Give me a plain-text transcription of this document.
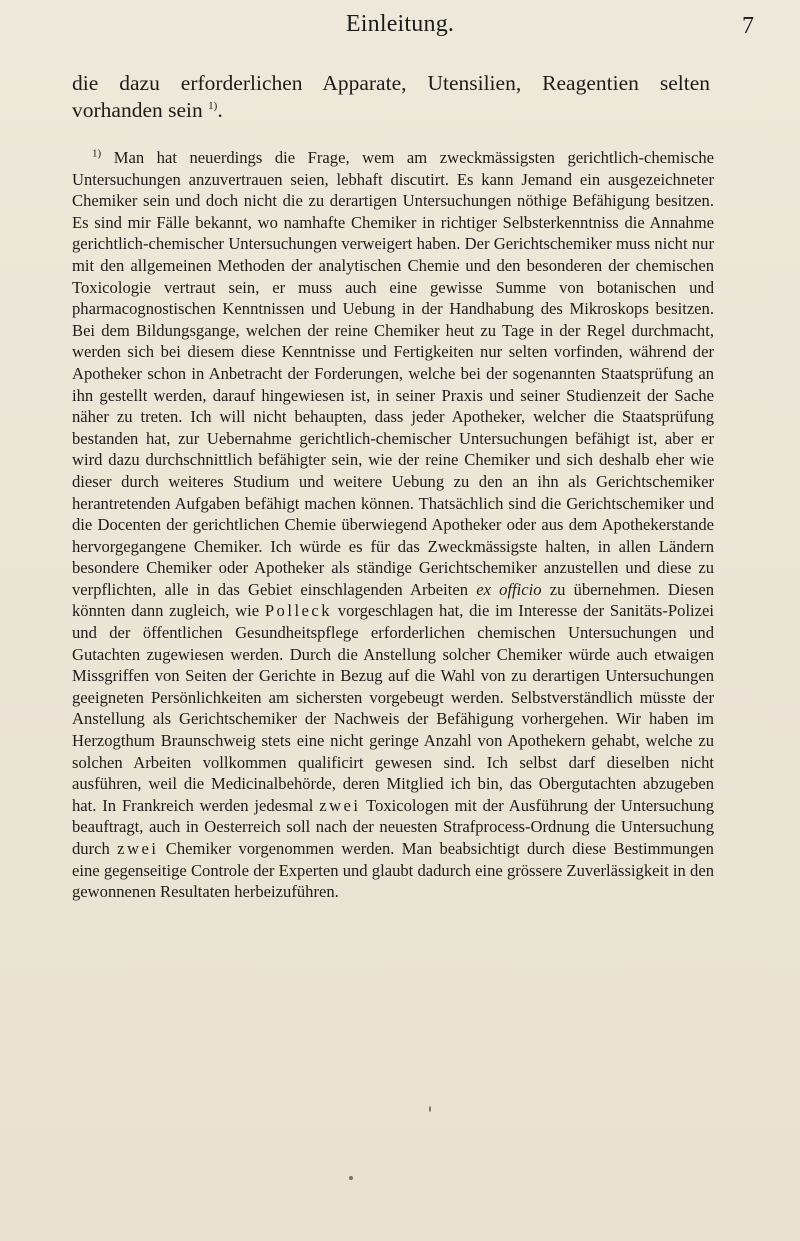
Einleitung.	7

die dazu erforderlichen Apparate, Utensilien, Reagentien selten vorhanden sein $^{1)}$.

$^{1)}$ Man hat neuerdings die Frage, wem am zweckmässigsten gerichtlich-chemische Untersuchungen anzuvertrauen seien, lebhaft discutirt. Es kann Jemand ein ausgezeichneter Chemiker sein und doch nicht die zu derartigen Untersuchungen nöthige Befähigung besitzen. Es sind mir Fälle bekannt, wo namhafte Chemiker in richtiger Selbsterkenntniss die Annahme gerichtlich-chemischer Untersuchungen verweigert haben. Der Gerichtschemiker muss nicht nur mit den allgemeinen Methoden der analytischen Chemie und den besonderen der chemischen Toxicologie vertraut sein, er muss auch eine gewisse Summe von botanischen und pharmacognostischen Kenntnissen und Uebung in der Handhabung des Mikroskops besitzen. Bei dem Bildungsgange, welchen der reine Chemiker heut zu Tage in der Regel durchmacht, werden sich bei diesem diese Kenntnisse und Fertigkeiten nur selten vorfinden, während der Apotheker schon in Anbetracht der Forderungen, welche bei der sogenannten Staatsprüfung an ihn gestellt werden, darauf hingewiesen ist, in seiner Praxis und seiner Studienzeit der Sache näher zu treten. Ich will nicht behaupten, dass jeder Apotheker, welcher die Staatsprüfung bestanden hat, zur Uebernahme gerichtlich-chemischer Untersuchungen befähigt ist, aber er wird dazu durchschnittlich befähigter sein, wie der reine Chemiker und sich deshalb eher wie dieser durch weiteres Studium und weitere Uebung zu den an ihn als Gerichtschemiker herantretenden Aufgaben befähigt machen können. Thatsächlich sind die Gerichtschemiker und die Docenten der gerichtlichen Chemie überwiegend Apotheker oder aus dem Apothekerstande hervorgegangene Chemiker. Ich würde es für das Zweckmässigste halten, in allen Ländern besondere Chemiker oder Apotheker als ständige Gerichtschemiker anzustellen und diese zu verpflichten, alle in das Gebiet einschlagenden Arbeiten ex officio zu übernehmen. Diesen könnten dann zugleich, wie Polleck vorgeschlagen hat, die im Interesse der Sanitäts-Polizei und der öffentlichen Gesundheitspflege erforderlichen chemischen Untersuchungen und Gutachten zugewiesen werden. Durch die Anstellung solcher Chemiker würde auch etwaigen Missgriffen von Seiten der Gerichte in Bezug auf die Wahl von zu derartigen Untersuchungen geeigneten Persönlichkeiten am sichersten vorgebeugt werden. Selbstverständlich müsste der Anstellung als Gerichtschemiker der Nachweis der Befähigung vorhergehen. Wir haben im Herzogthum Braunschweig stets eine nicht geringe Anzahl von Apothekern gehabt, welche zu solchen Arbeiten vollkommen qualificirt gewesen sind. Ich selbst darf dieselben nicht ausführen, weil die Medicinalbehörde, deren Mitglied ich bin, das Obergutachten abzugeben hat. In Frankreich werden jedesmal zwei Toxicologen mit der Ausführung der Untersuchung beauftragt, auch in Oesterreich soll nach der neuesten Strafprocess-Ordnung die Untersuchung durch zwei Chemiker vorgenommen werden. Man beabsichtigt durch diese Bestimmungen eine gegenseitige Controle der Experten und glaubt dadurch eine grössere Zuverlässigkeit in den gewonnenen Resultaten herbeizuführen.
